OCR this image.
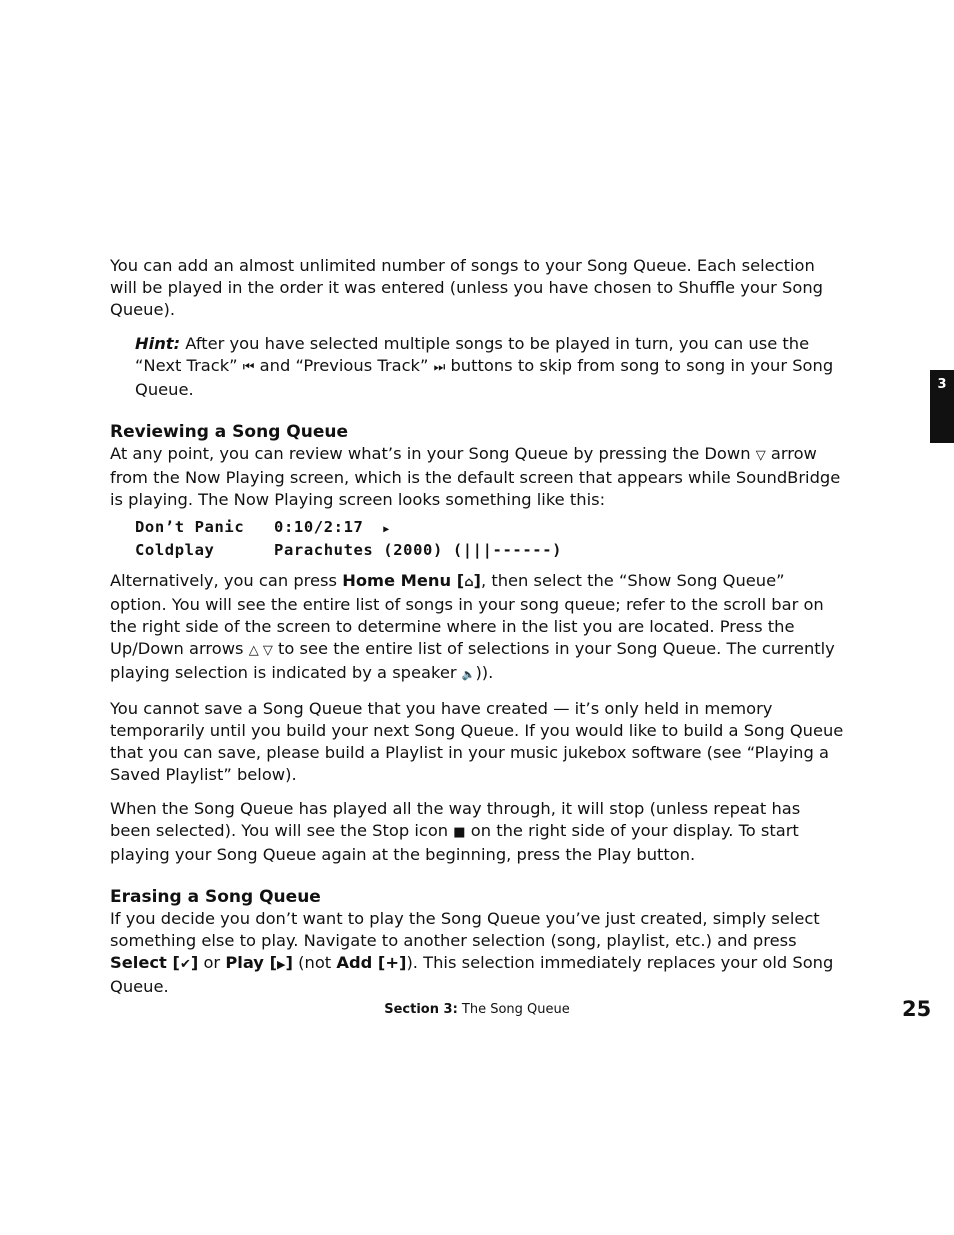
3

You can add an almost unlimited number of songs to your Song Queue. Each selection will be played in the order it was entered (unless you have chosen to Shuffle your Song Queue).

Hint: After you have selected multiple songs to be played in turn, you can use the “Next Track” ⏮ and “Previous Track” ⏭ buttons to skip from song to song in your Song Queue.

Reviewing a Song Queue

At any point, you can review what’s in your Song Queue by pressing the Down ▽ arrow from the Now Playing screen, which is the default screen that appears while SoundBridge is playing. The Now Playing screen looks something like this:

Don’t Panic   0:10/2:17  ▶
Coldplay      Parachutes (2000) (|||------)

Alternatively, you can press Home Menu [⌂], then select the “Show Song Queue” option. You will see the entire list of songs in your song queue; refer to the scroll bar on the right side of the screen to determine where in the list you are located. Press the Up/Down arrows △ ▽ to see the entire list of selections in your Song Queue. The currently playing selection is indicated by a speaker 🔈)).

You cannot save a Song Queue that you have created — it’s only held in memory temporarily until you build your next Song Queue. If you would like to build a Song Queue that you can save, please build a Playlist in your music jukebox software (see “Playing a Saved Playlist” below).

When the Song Queue has played all the way through, it will stop (unless repeat has been selected). You will see the Stop icon ■ on the right side of your display. To start playing your Song Queue again at the beginning, press the Play button.

Erasing a Song Queue

If you decide you don’t want to play the Song Queue you’ve just created, simply select something else to play. Navigate to another selection (song, playlist, etc.) and press Select [✔] or Play [▶] (not Add [+]). This selection immediately replaces your old Song Queue.

Section 3: The Song Queue	25
